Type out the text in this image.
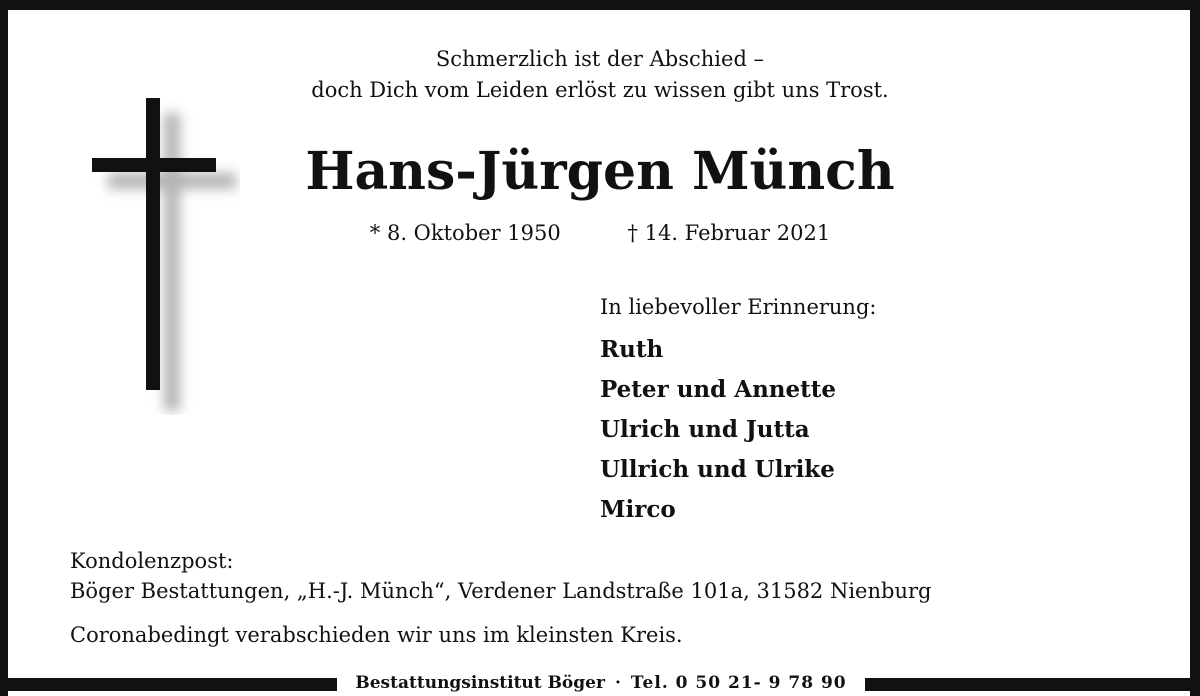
Schmerzlich ist der Abschied –
doch Dich vom Leiden erlöst zu wissen gibt uns Trost.
Hans-Jürgen Münch
* 8. Oktober 1950	† 14. Februar 2021
In liebevoller Erinnerung:
Ruth
Peter und Annette
Ulrich und Jutta
Ullrich und Ulrike
Mirco
Kondolenzpost:
Böger Bestattungen, „H.-J. Münch“, Verdener Landstraße 101a, 31582 Nienburg
Coronabedingt verabschieden wir uns im kleinsten Kreis.
Bestattungsinstitut Böger · Tel. 0 50 21- 9 78 90
